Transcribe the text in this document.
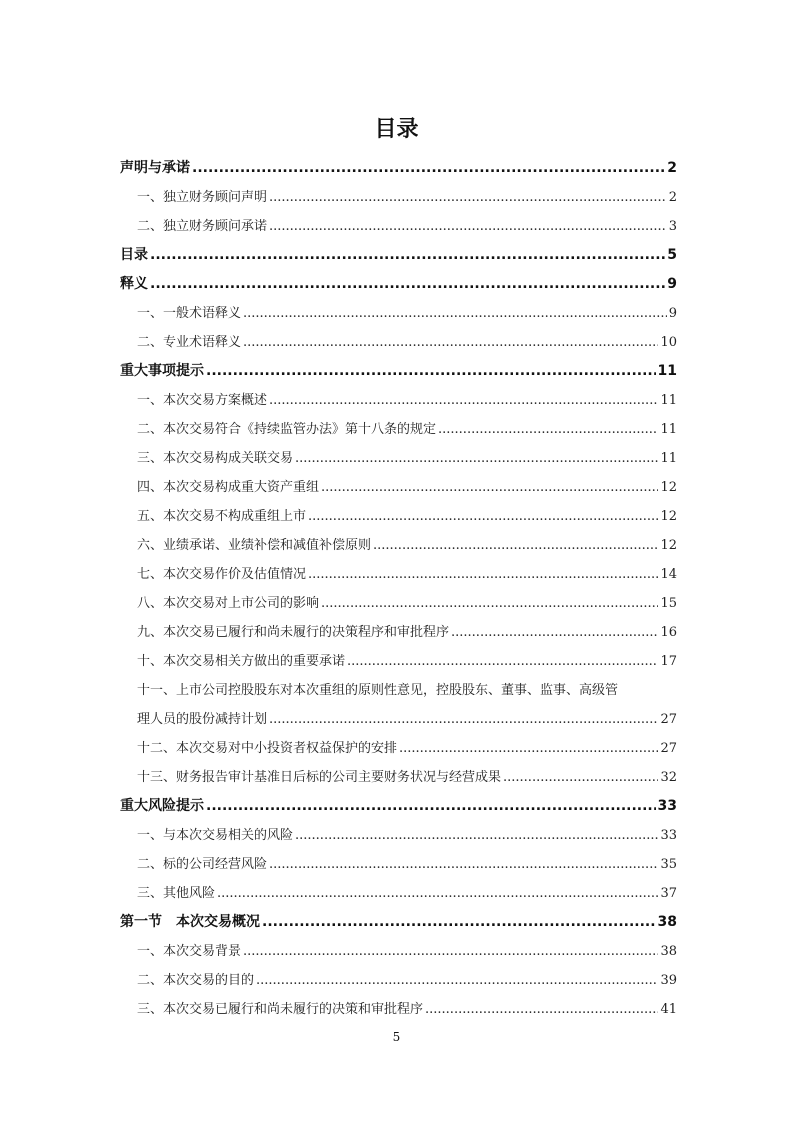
目录
声明与承诺 .....	2
一、独立财务顾问声明 .....	2
二、独立财务顾问承诺 .....	3
目录 .....	5
释义 .....	9
一、一般术语释义 .....	9
二、专业术语释义 .....	10
重大事项提示 .....	11
一、本次交易方案概述 .....	11
二、本次交易符合《持续监管办法》第十八条的规定 .....	11
三、本次交易构成关联交易 .....	11
四、本次交易构成重大资产重组 .....	12
五、本次交易不构成重组上市 .....	12
六、业绩承诺、业绩补偿和减值补偿原则 .....	12
七、本次交易作价及估值情况 .....	14
八、本次交易对上市公司的影响 .....	15
九、本次交易已履行和尚未履行的决策程序和审批程序 .....	16
十、本次交易相关方做出的重要承诺 .....	17
十一、上市公司控股股东对本次重组的原则性意见，控股股东、董事、监事、高级管
理人员的股份减持计划 .....	27
十二、本次交易对中小投资者权益保护的安排 .....	27
十三、财务报告审计基准日后标的公司主要财务状况与经营成果 .....	32
重大风险提示 .....	33
一、与本次交易相关的风险 .....	33
二、标的公司经营风险 .....	35
三、其他风险 .....	37
第一节　本次交易概况 .....	38
一、本次交易背景 .....	38
二、本次交易的目的 .....	39
三、本次交易已履行和尚未履行的决策和审批程序 .....	41
5
